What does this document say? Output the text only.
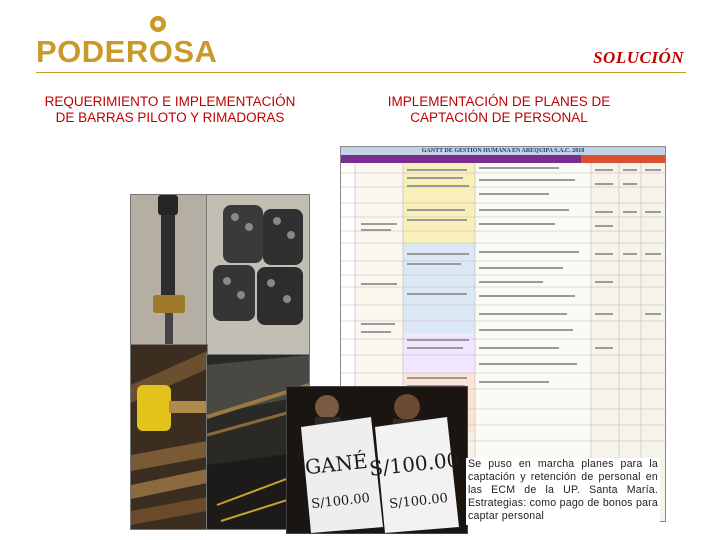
PODEROSA	SOLUCIÓN
REQUERIMIENTO E IMPLEMENTACIÓN DE BARRAS PILOTO Y RIMADORAS
IMPLEMENTACIÓN DE PLANES DE CAPTACIÓN DE PERSONAL
GANTT DE GESTIÓN HUMANA EN AREQUIPA S.A.C. 2018
GANÉ S/100.00
S/100.00 S/100.00
Se puso en marcha planes para la captación y retención de personal en las ECM de la UP. Santa María. Estrategias: como pago de bonos para captar personal
